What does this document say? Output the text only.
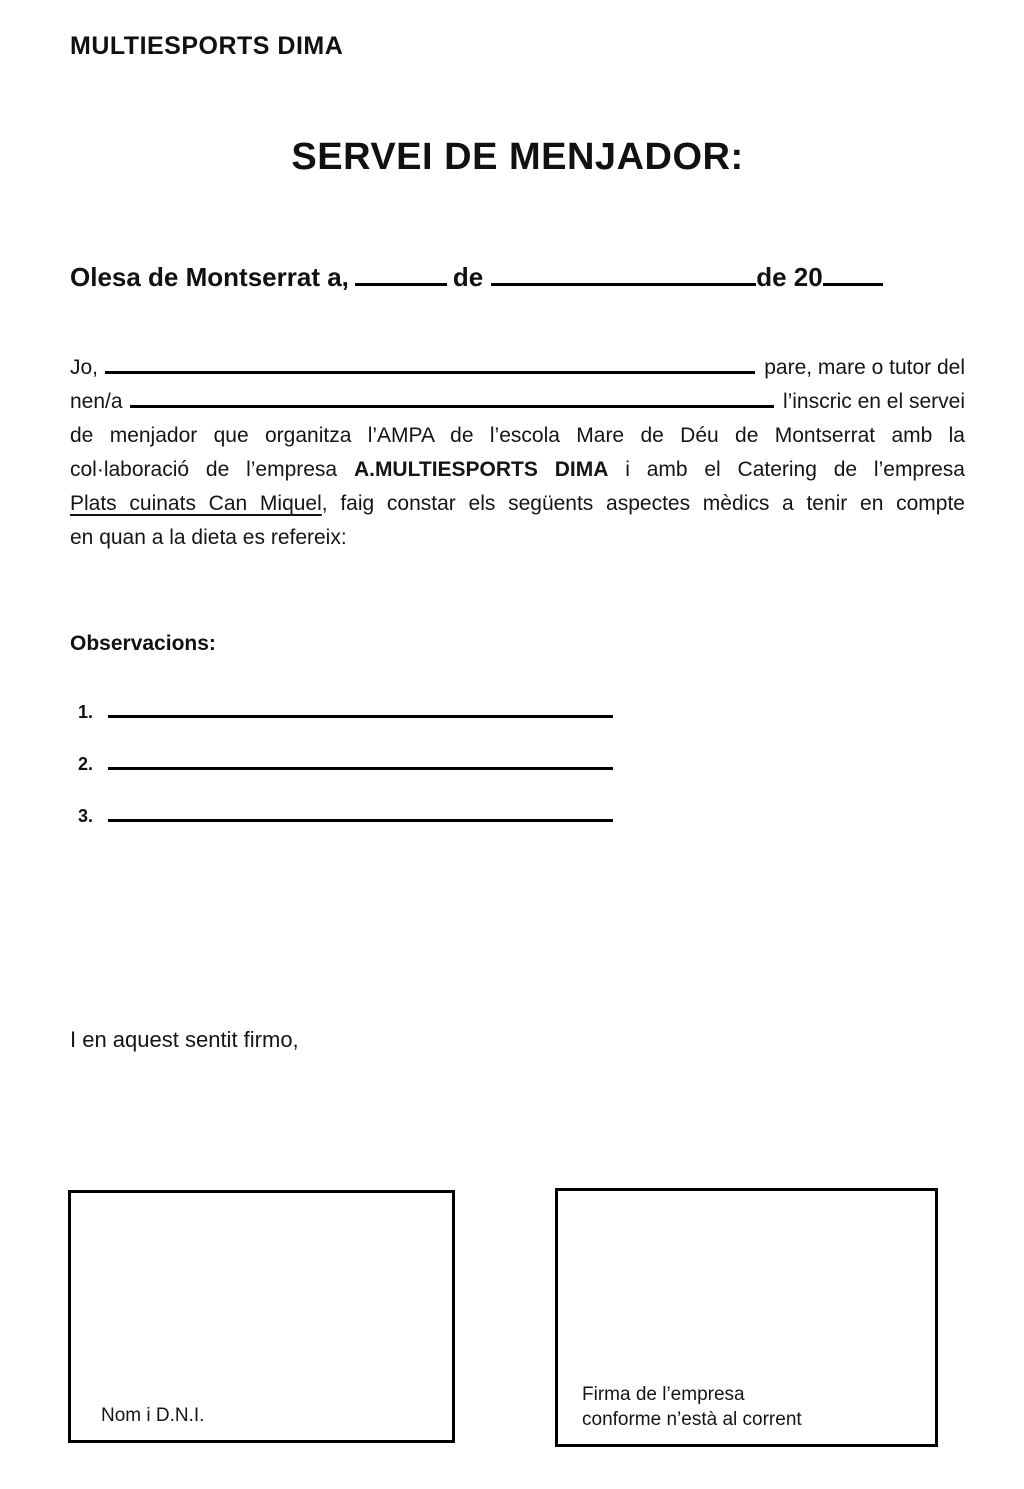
MULTIESPORTS DIMA
SERVEI DE MENJADOR:
Olesa de Montserrat a,	de	de 20
Jo,	pare, mare o tutor del
nen/a	l’inscric en el servei
de menjador que organitza l’AMPA de l’escola Mare de Déu de Montserrat amb la
col·laboració de l’empresa A.MULTIESPORTS DIMA i amb el Catering de l’empresa
Plats cuinats Can Miquel, faig constar els següents aspectes mèdics a tenir en compte
en quan a la dieta es refereix:
Observacions:
1.
2.
3.
I en aquest sentit firmo,
Nom i D.N.I.
Firma de l’empresa
conforme n’està al corrent
